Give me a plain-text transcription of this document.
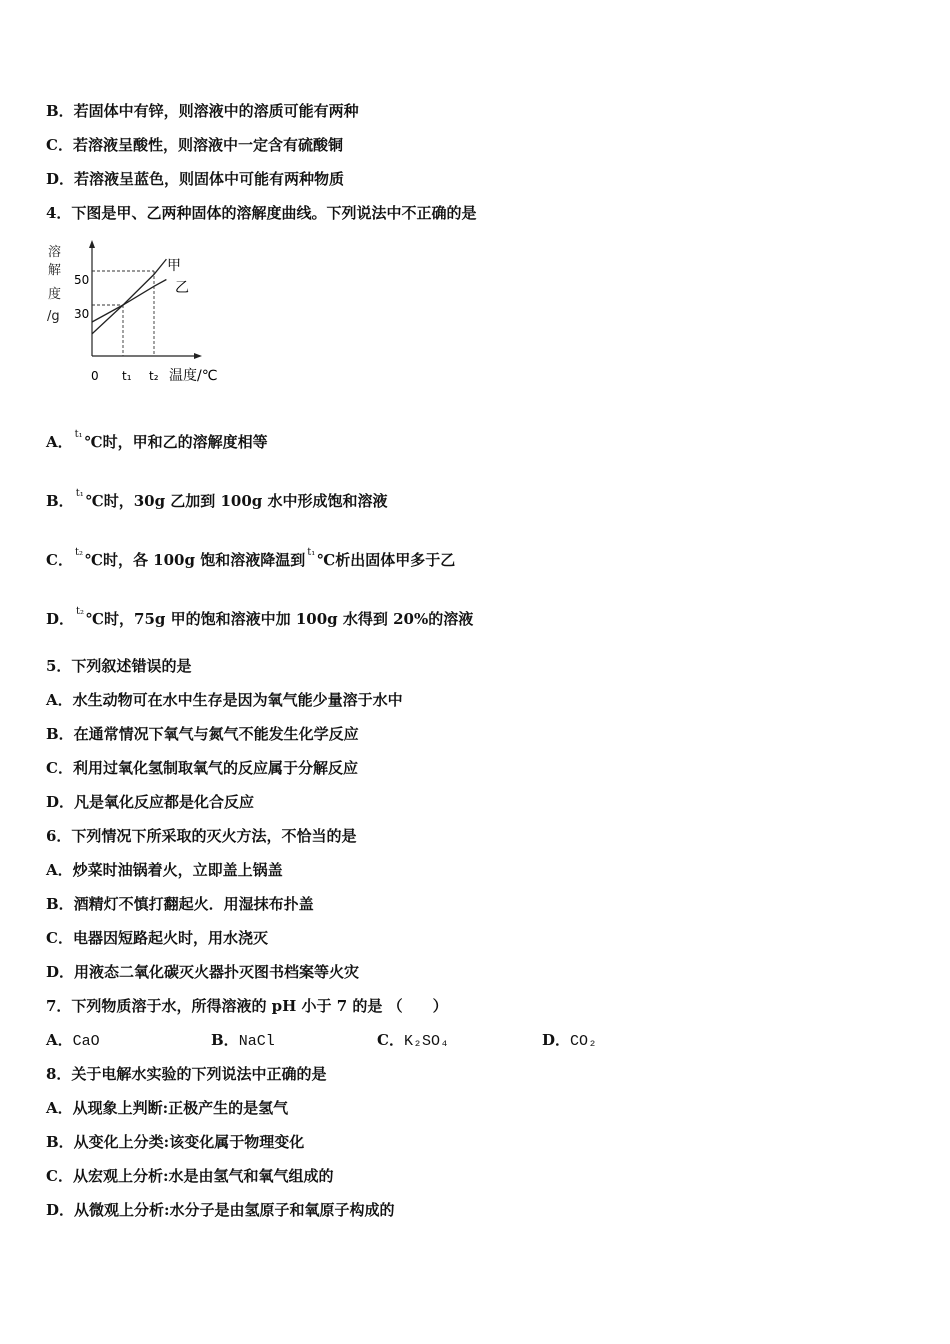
B．若固体中有锌，则溶液中的溶质可能有两种
C．若溶液呈酸性，则溶液中一定含有硫酸铜
D．若溶液呈蓝色，则固体中可能有两种物质
4．下图是甲、乙两种固体的溶解度曲线。下列说法中不正确的是
溶
解
度
/g
50
30
0 t₁ t₂ 温度/℃
甲
乙
A． $^{t_1}$ ℃时，甲和乙的溶解度相等
B． $^{t_1}$ ℃时，30g 乙加到 100g 水中形成饱和溶液
C． $^{t_2}$ ℃时，各 100g 饱和溶液降温到 $^{t_1}$ ℃析出固体甲多于乙
D． $^{t_2}$ ℃时，75g 甲的饱和溶液中加 100g 水得到 20%的溶液
5．下列叙述错误的是
A．水生动物可在水中生存是因为氧气能少量溶于水中
B．在通常情况下氧气与氮气不能发生化学反应
C．利用过氧化氢制取氧气的反应属于分解反应
D．凡是氧化反应都是化合反应
6．下列情况下所采取的灭火方法，不恰当的是
A．炒菜时油锅着火，立即盖上锅盖
B．酒精灯不慎打翻起火．用湿抹布扑盖
C．电器因短路起火时，用水浇灭
D．用液态二氧化碳灭火器扑灭图书档案等火灾
7．下列物质溶于水，所得溶液的 pH 小于 7 的是 （　　）
A．CaO	B．NaCl	C．K₂SO₄	D．CO₂
8．关于电解水实验的下列说法中正确的是
A．从现象上判断:正极产生的是氢气
B．从变化上分类:该变化属于物理变化
C．从宏观上分析:水是由氢气和氧气组成的
D．从微观上分析:水分子是由氢原子和氧原子构成的
